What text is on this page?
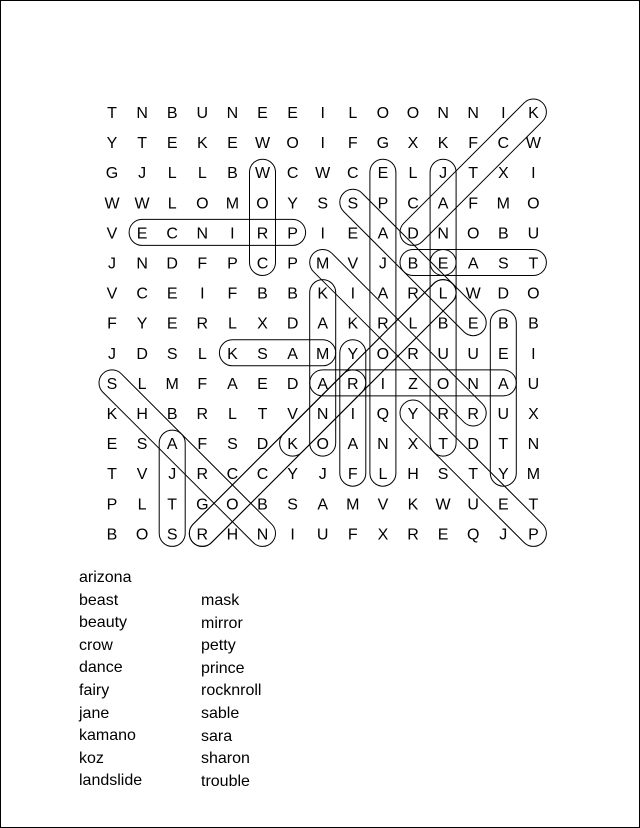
T N B U N E E I L O O N N I K
Y T E K E W O I F G X K F C W
G J L L B W C W C E L J T X I
W W L O M O Y S S P C A F M O
V E C N I R P I E A D N O B U
J N D F P C P M V J B E A S T
V C E I F B B K I A R L W D O
F Y E R L X D A K R L B E B B
J D S L K S A M Y O R U U E I
S L M F A E D A R I Z O N A U
K H B R L T V N I Q Y R R U X
E S A F S D K O A N X T D T N
T V J R C C Y J F L H S T Y M
P L T G O B S A M V K W U E T
B O S R H N I U F X R E Q J P
arizona
beast
beauty
crow
dance
fairy
jane
kamano
koz
landslide
mask
mirror
petty
prince
rocknroll
sable
sara
sharon
trouble
